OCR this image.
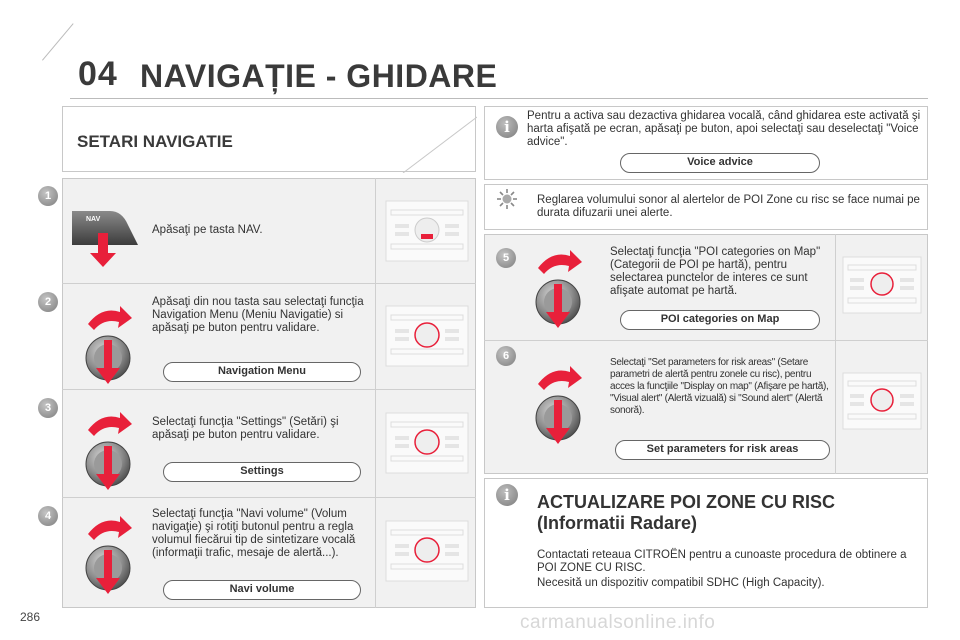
04 NAVIGAȚIE - GHIDARE
SETARI NAVIGATIE
1
2
3
4
NAV
Apăsaţi pe tasta NAV.
Apăsaţi din nou tasta sau selectaţi funcţia Navigation Menu (Meniu Navigatie) si apăsaţi pe buton pentru validare.
Navigation Menu
Selectaţi funcţia "Settings" (Setări) şi apăsaţi pe buton pentru validare.
Settings
Selectaţi funcţia "Navi volume" (Volum navigaţie) şi rotiţi butonul pentru a regla volumul fiecărui tip de sintetizare vocală (informaţii trafic, mesaje de alertă...).
Navi volume
i
Pentru a activa sau dezactiva ghidarea vocală, când ghidarea este activată şi harta afişată pe ecran, apăsaţi pe buton, apoi selectaţi sau deselectaţi "Voice advice".
Voice advice
Reglarea volumului sonor al alertelor de POI Zone cu risc se face numai pe durata difuzarii unei alerte.
5
6
Selectaţi funcţia "POI categories on Map" (Categorii de POI pe hartă), pentru selectarea punctelor de interes ce sunt afişate automat pe hartă.
POI categories on Map
Selectaţi "Set parameters for risk areas" (Setare parametri de alertă pentru zonele cu risc), pentru acces la funcţiile "Display on map" (Afişare pe hartă), "Visual alert" (Alertă vizuală) si "Sound alert" (Alertă sonoră).
Set parameters for risk areas
i	ACTUALIZARE POI ZONE CU RISC
(Informatii Radare)
Contactati reteaua CITROËN pentru a cunoaste procedura de obtinere a POI ZONE CU RISC.
Necesită un dispozitiv compatibil SDHC (High Capacity).
286	carmanualsonline.info
